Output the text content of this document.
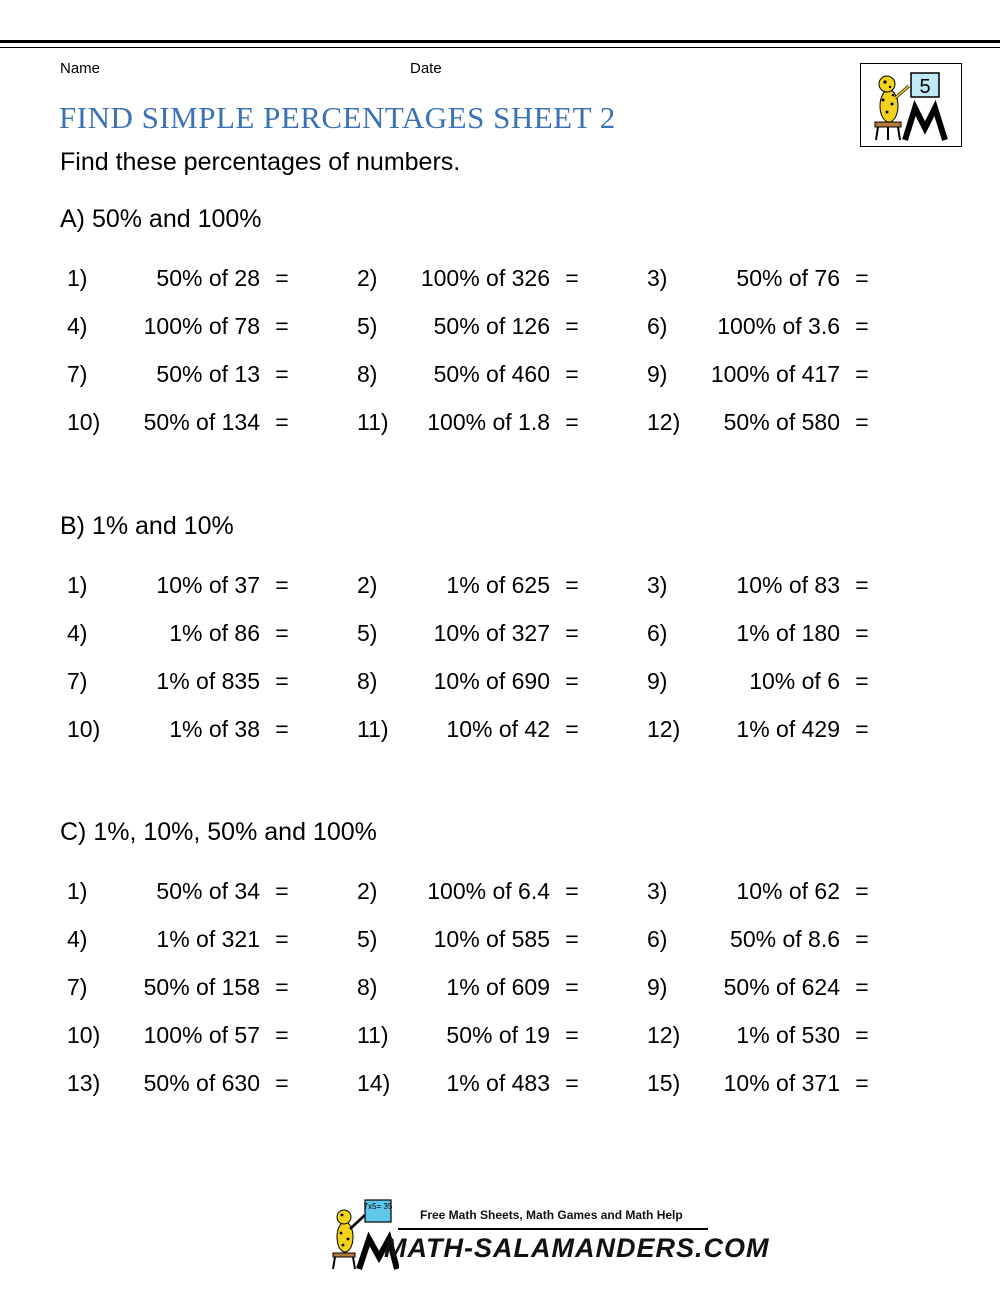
Name	Date
FIND SIMPLE PERCENTAGES SHEET 2
Find these percentages of numbers.
5
A) 50% and 100%
1)	50% of 28 =	2)	100% of 326 =	3)	50% of 76 =
4)	100% of 78 =	5)	50% of 126 =	6)	100% of 3.6 =
7)	50% of 13 =	8)	50% of 460 =	9)	100% of 417 =
10)	50% of 134 =	11)	100% of 1.8 =	12)	50% of 580 =
B) 1% and 10%
1)	10% of 37 =	2)	1% of 625 =	3)	10% of 83 =
4)	1% of 86 =	5)	10% of 327 =	6)	1% of 180 =
7)	1% of 835 =	8)	10% of 690 =	9)	10% of 6 =
10)	1% of 38 =	11)	10% of 42 =	12)	1% of 429 =
C) 1%, 10%, 50% and 100%
1)	50% of 34 =	2)	100% of 6.4 =	3)	10% of 62 =
4)	1% of 321 =	5)	10% of 585 =	6)	50% of 8.6 =
7)	50% of 158 =	8)	1% of 609 =	9)	50% of 624 =
10)	100% of 57 =	11)	50% of 19 =	12)	1% of 530 =
13)	50% of 630 =	14)	1% of 483 =	15)	10% of 371 =
7x5= 35
Free Math Sheets, Math Games and Math Help
MATH-SALAMANDERS.COM
